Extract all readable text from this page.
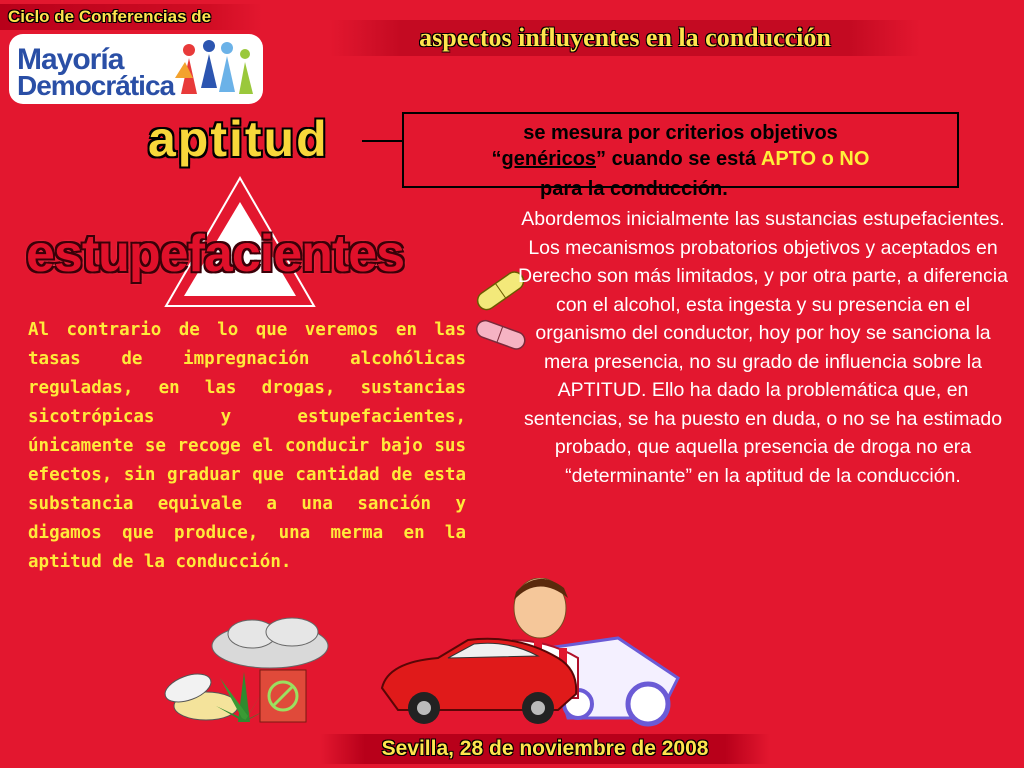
Ciclo de Conferencias de
Mayoría
Democrática
aspectos influyentes en la conducción
aptitud	se mesura por criterios objetivos
“genéricos” cuando se está APTO o NO

para la conducción.
estupefacientes
Al contrario de lo que veremos en las tasas de impregnación alcohólicas reguladas, en las drogas, sustancias sicotrópicas y estupefacientes, únicamente se recoge el conducir bajo sus efectos, sin graduar que cantidad de esta substancia equivale a una sanción y digamos que produce, una merma en la aptitud de la conducción.
Abordemos inicialmente las sustancias estupefacientes. Los mecanismos probatorios objetivos y aceptados en Derecho son más limitados, y por otra parte, a diferencia con el alcohol, esta ingesta y su presencia en el organismo del conductor, hoy por hoy se sanciona la mera presencia, no su grado de influencia sobre la APTITUD. Ello ha dado la problemática que, en sentencias, se ha puesto en duda, o no se ha estimado probado, que aquella presencia de droga no era “determinante” en la aptitud de la conducción.
Sevilla, 28 de noviembre de 2008
